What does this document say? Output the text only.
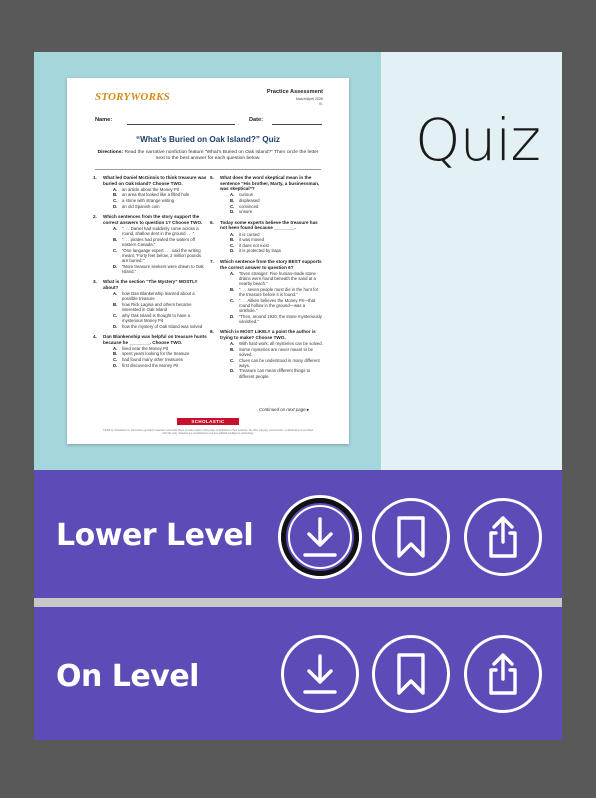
STORYWORKS	Practice Assessment
March/April 2026
HL
Name:	Date:
“What’s Buried on Oak Island?” Quiz
Directions: Read the narrative nonfiction feature “What’s Buried on Oak Island?” Then circle the letter next to the best answer for each question below.
1. What led Daniel McGinnis to think treasure was buried on Oak Island? Choose TWO.
A. an article about the Money Pit
B. an area that looked like a filled hole
C. a stone with strange writing
D. an old Spanish coin
2. Which sentences from the story support the correct answers to question 1? Choose TWO.
A. “. . . Daniel had suddenly come across a round, shallow dent in the ground . . .”
B. “. . . pirates had prowled the waters off eastern Canada.”
C. “One language expert . . . said the writing meant, ‘Forty feet below, 2 million pounds are buried.’”
D. “More treasure seekers were drawn to Oak Island.”
3. What is the section “The Mystery” MOSTLY about?
A. how Dan Blankenship learned about a possible treasure
B. how Rick Lagina and others became interested in Oak Island
C. why Oak Island is thought to have a mysterious Money Pit
D. how the mystery of Oak Island was solved
4. Dan Blankenship was helpful on treasure hunts because he ________. Choose TWO.
A. lived near the Money Pit
B. spent years looking for the treasure
C. had found many other treasures
D. first discovered the Money Pit
5. What does the word skeptical mean in the sentence “His brother, Marty, a businessman, was skeptical”?
A. curious
B. displeased
C. convinced
D. unsure
6. Today some experts believe the treasure has not been found because ________.
A. it is cursed
B. it was moved
C. it does not exist
D. it is protected by traps
7. Which sentence from the story BEST supports the correct answer to question 6?
A. “Even stranger: Five human-made stone drains were found beneath the sand at a nearby beach.”
B. “. . . seven people must die in the hunt for the treasure before it is found.”
C. “. . . Aitken believes the Money Pit—that round hollow in the ground—was a sinkhole.”
D. “Then, around 1920, the stone mysteriously vanished.”
8. Which is MOST LIKELY a point the author is trying to make? Choose TWO.
A. With hard work, all mysteries can be solved.
B. Some mysteries are never meant to be solved.
C. Clues can be understood in many different ways.
D. Treasure can mean different things to different people.
Continued on next page ▸
SCHOLASTIC
©2026 by Scholastic Inc. Permission granted to teachers and subscribers to make copies of this page to distribute to their students. No other copying, transmission, or distributing is permitted with this copy. Readers are not allowed to use any artificial intelligence technology.
Quiz
Lower Level
On Level
